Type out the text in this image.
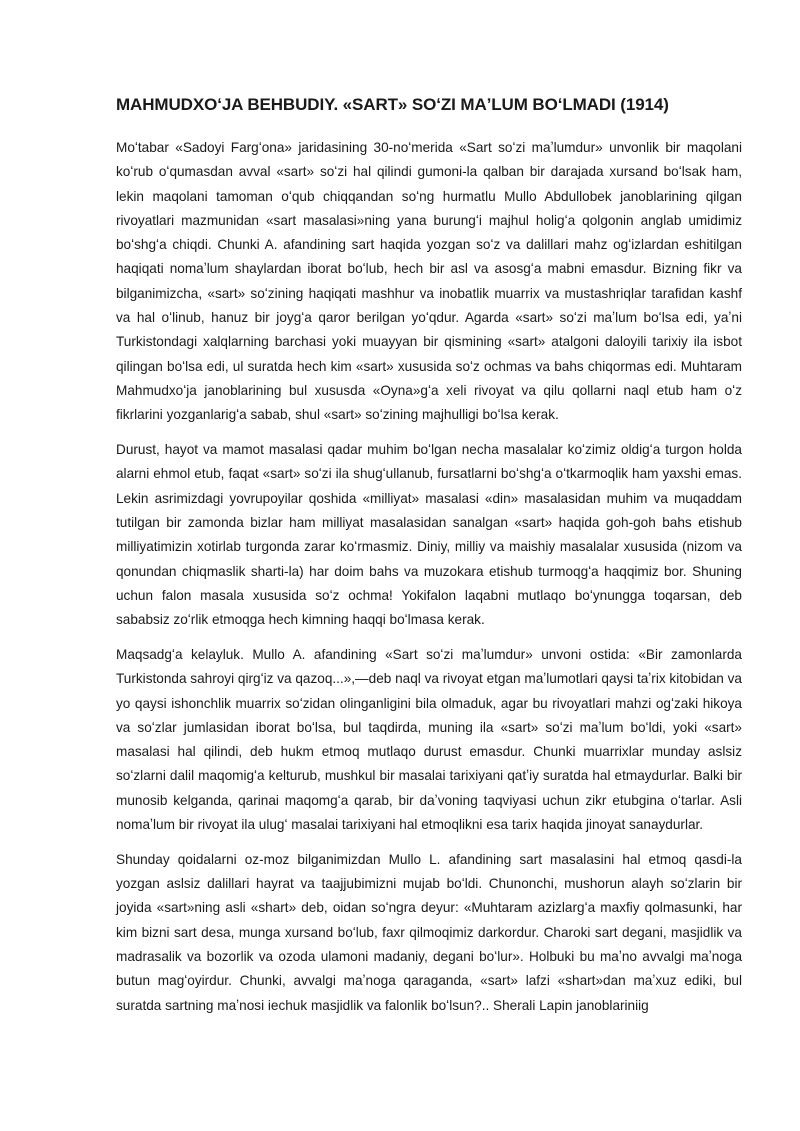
MAHMUDXOʻJA BEHBUDIY. «SART» SOʻZI MAʼLUM BOʻLMADI (1914)

Moʻtabar «Sadoyi Fargʻona» jaridasining 30-noʻmerida «Sart soʻzi maʼlumdur» unvonlik bir maqolani koʻrub oʻqumasdan avval «sart» soʻzi hal qilindi gumoni-la qalban bir darajada xursand boʻlsak ham, lekin maqolani tamoman oʻqub chiqqandan soʻng hurmatlu Mullo Abdullobek janoblarining qilgan rivoyatlari mazmunidan «sart masalasi»ning yana burungʻi majhul holigʻa qolgonin anglab umidimiz boʻshgʻa chiqdi. Chunki A. afandining sart haqida yozgan soʻz va dalillari mahz ogʻizlardan eshitilgan haqiqati nomaʼlum shaylardan iborat boʻlub, hech bir asl va asosgʻa mabni emasdur. Bizning fikr va bilganimizcha, «sart» soʻzining haqiqati mashhur va inobatlik muarrix va mustashriqlar tarafidan kashf va hal oʻlinub, hanuz bir joygʻa qaror berilgan yoʻqdur. Agarda «sart» soʻzi maʼlum boʻlsa edi, yaʼni Turkistondagi xalqlarning barchasi yoki muayyan bir qismining «sart» atalgoni daloyili tarixiy ila isbot qilingan boʻlsa edi, ul suratda hech kim «sart» xususida soʻz ochmas va bahs chiqormas edi. Muhtaram Mahmudxoʻja janoblarining bul xususda «Oyna»gʻa xeli rivoyat va qilu qollarni naql etub ham oʻz fikrlarini yozganlarigʻa sabab, shul «sart» soʻzining majhulligi boʻlsa kerak.

Durust, hayot va mamot masalasi qadar muhim boʻlgan necha masalalar koʻzimiz oldigʻa turgon holda alarni ehmol etub, faqat «sart» soʻzi ila shugʻullanub, fursatlarni boʻshgʻa oʻtkarmoqlik ham yaxshi emas. Lekin asrimizdagi yovrupoyilar qoshida «milliyat» masalasi «din» masalasidan muhim va muqaddam tutilgan bir zamonda bizlar ham milliyat masalasidan sanalgan «sart» haqida goh-goh bahs etishub milliyatimizin xotirlab turgonda zarar koʻrmasmiz. Diniy, milliy va maishiy masalalar xususida (nizom va qonundan chiqmaslik sharti-la) har doim bahs va muzokara etishub turmoqgʻa haqqimiz bor. Shuning uchun falon masala xususida soʻz ochma! Yokifalon laqabni mutlaqo boʻynungga toqarsan, deb sababsiz zoʻrlik etmoqga hech kimning haqqi boʻlmasa kerak.

Maqsadgʻa kelayluk. Mullo A. afandining «Sart soʻzi maʼlumdur» unvoni ostida: «Bir zamonlarda Turkistonda sahroyi qirgʻiz va qazoq...»,—deb naql va rivoyat etgan maʼlumotlari qaysi taʼrix kitobidan va yo qaysi ishonchlik muarrix soʻzidan olinganligini bila olmaduk, agar bu rivoyatlari mahzi ogʻzaki hikoya va soʻzlar jumlasidan iborat boʻlsa, bul taqdirda, muning ila «sart» soʻzi maʼlum boʻldi, yoki «sart» masalasi hal qilindi, deb hukm etmoq mutlaqo durust emasdur. Chunki muarrixlar munday aslsiz soʻzlarni dalil maqomigʻa kelturub, mushkul bir masalai tarixiyani qatʼiy suratda hal etmaydurlar. Balki bir munosib kelganda, qarinai maqomgʻa qarab, bir daʼvoning taqviyasi uchun zikr etubgina oʻtarlar. Asli nomaʼlum bir rivoyat ila ulugʻ masalai tarixiyani hal etmoqlikni esa tarix haqida jinoyat sanaydurlar.

Shunday qoidalarni oz-moz bilganimizdan Mullo L. afandining sart masalasini hal etmoq qasdi-la yozgan aslsiz dalillari hayrat va taajjubimizni mujab boʻldi. Chunonchi, mushorun alayh soʻzlarin bir joyida «sart»ning asli «shart» deb, oidan soʻngra deyur: «Muhtaram azizlargʻa maxfiy qolmasunki, har kim bizni sart desa, munga xursand boʻlub, faxr qilmoqimiz darkordur. Charoki sart degani, masjidlik va madrasalik va bozorlik va ozoda ulamoni madaniy, degani boʻlur». Holbuki bu maʼno avvalgi maʼnoga butun magʻoyirdur. Chunki, avvalgi maʼnoga qaraganda, «sart» lafzi «shart»dan maʼxuz ediki, bul suratda sartning maʼnosi iechuk masjidlik va falonlik boʻlsun?.. Sherali Lapin janoblariniig
